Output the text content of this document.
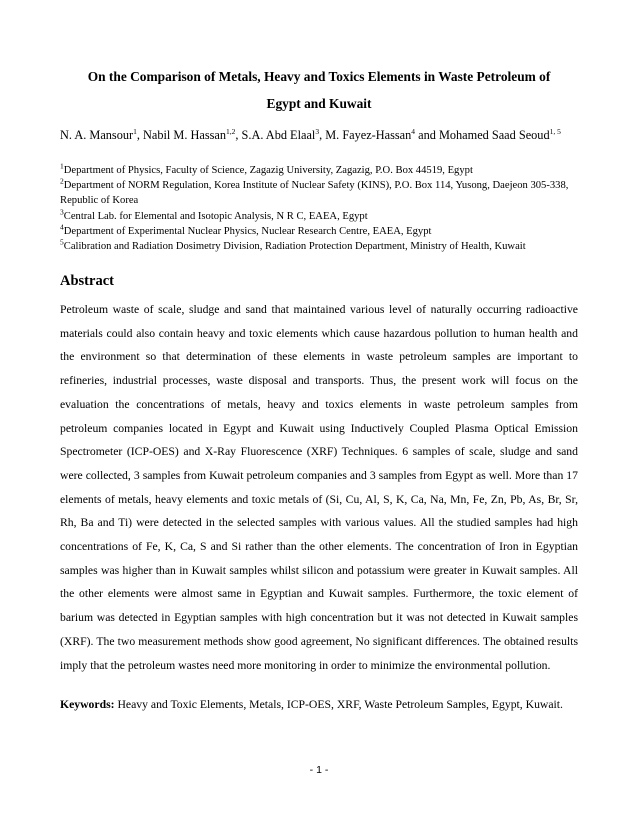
On the Comparison of Metals, Heavy and Toxics Elements in Waste Petroleum of
Egypt and Kuwait
N. A. Mansour$^1$, Nabil M. Hassan$^{1,2}$, S.A. Abd Elaal$^3$, M. Fayez-Hassan$^4$ and Mohamed Saad Seoud$^{1, 5}$

$^1$Department of Physics, Faculty of Science, Zagazig University, Zagazig, P.O. Box 44519, Egypt

$^2$Department of NORM Regulation, Korea Institute of Nuclear Safety (KINS), P.O. Box 114, Yusong, Daejeon 305-338, Republic of Korea

$^3$Central Lab. for Elemental and Isotopic Analysis, N R C, EAEA, Egypt

$^4$Department of Experimental Nuclear Physics, Nuclear Research Centre, EAEA, Egypt

$^5$Calibration and Radiation Dosimetry Division, Radiation Protection Department, Ministry of Health, Kuwait

Abstract

Petroleum waste of scale, sludge and sand that maintained various level of naturally occurring radioactive materials could also contain heavy and toxic elements which cause hazardous pollution to human health and the environment so that determination of these elements in waste petroleum samples are important to refineries, industrial processes, waste disposal and transports. Thus, the present work will focus on the evaluation the concentrations of metals, heavy and toxics elements in waste petroleum samples from petroleum companies located in Egypt and Kuwait using Inductively Coupled Plasma Optical Emission Spectrometer (ICP-OES) and X-Ray Fluorescence (XRF) Techniques. 6 samples of scale, sludge and sand were collected, 3 samples from Kuwait petroleum companies and 3 samples from Egypt as well. More than 17 elements of metals, heavy elements and toxic metals of (Si, Cu, Al, S, K, Ca, Na, Mn, Fe, Zn, Pb, As, Br, Sr, Rh, Ba and Ti) were detected in the selected samples with various values. All the studied samples had high concentrations of Fe, K, Ca, S and Si rather than the other elements. The concentration of Iron in Egyptian samples was higher than in Kuwait samples whilst silicon and potassium were greater in Kuwait samples. All the other elements were almost same in Egyptian and Kuwait samples. Furthermore, the toxic element of barium was detected in Egyptian samples with high concentration but it was not detected in Kuwait samples (XRF). The two measurement methods show good agreement, No significant differences. The obtained results imply that the petroleum wastes need more monitoring in order to minimize the environmental pollution.

Keywords: Heavy and Toxic Elements, Metals, ICP-OES, XRF, Waste Petroleum Samples, Egypt, Kuwait.
- 1 -
